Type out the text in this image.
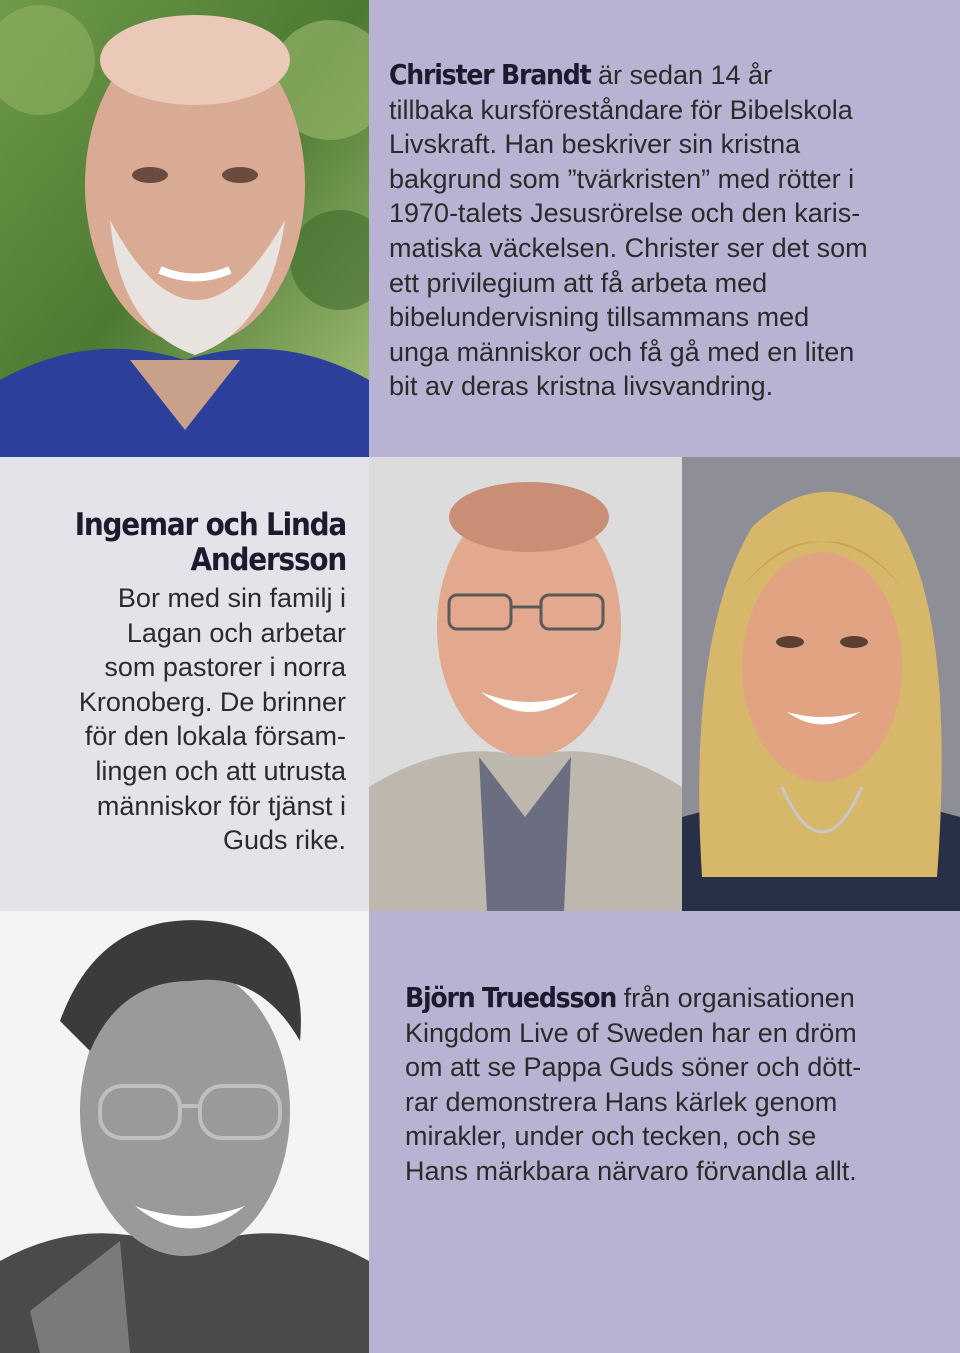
Christer Brandt är sedan 14 år
tillbaka kursföreståndare för Bibelskola
Livskraft. Han beskriver sin kristna
bakgrund som ”tvärkristen” med rötter i
1970-talets Jesusrörelse och den karis-
matiska väckelsen. Christer ser det som
ett privilegium att få arbeta med
bibelundervisning tillsammans med
unga människor och få gå med en liten
bit av deras kristna livsvandring.
Ingemar och Linda
Andersson
Bor med sin familj i
Lagan och arbetar
som pastorer i norra
Kronoberg. De brinner
för den lokala försam-
lingen och att utrusta
människor för tjänst i
Guds rike.
Björn Truedsson från organisationen
Kingdom Live of Sweden har en dröm
om att se Pappa Guds söner och dött-
rar demonstrera Hans kärlek genom
mirakler, under och tecken, och se
Hans märkbara närvaro förvandla allt.
